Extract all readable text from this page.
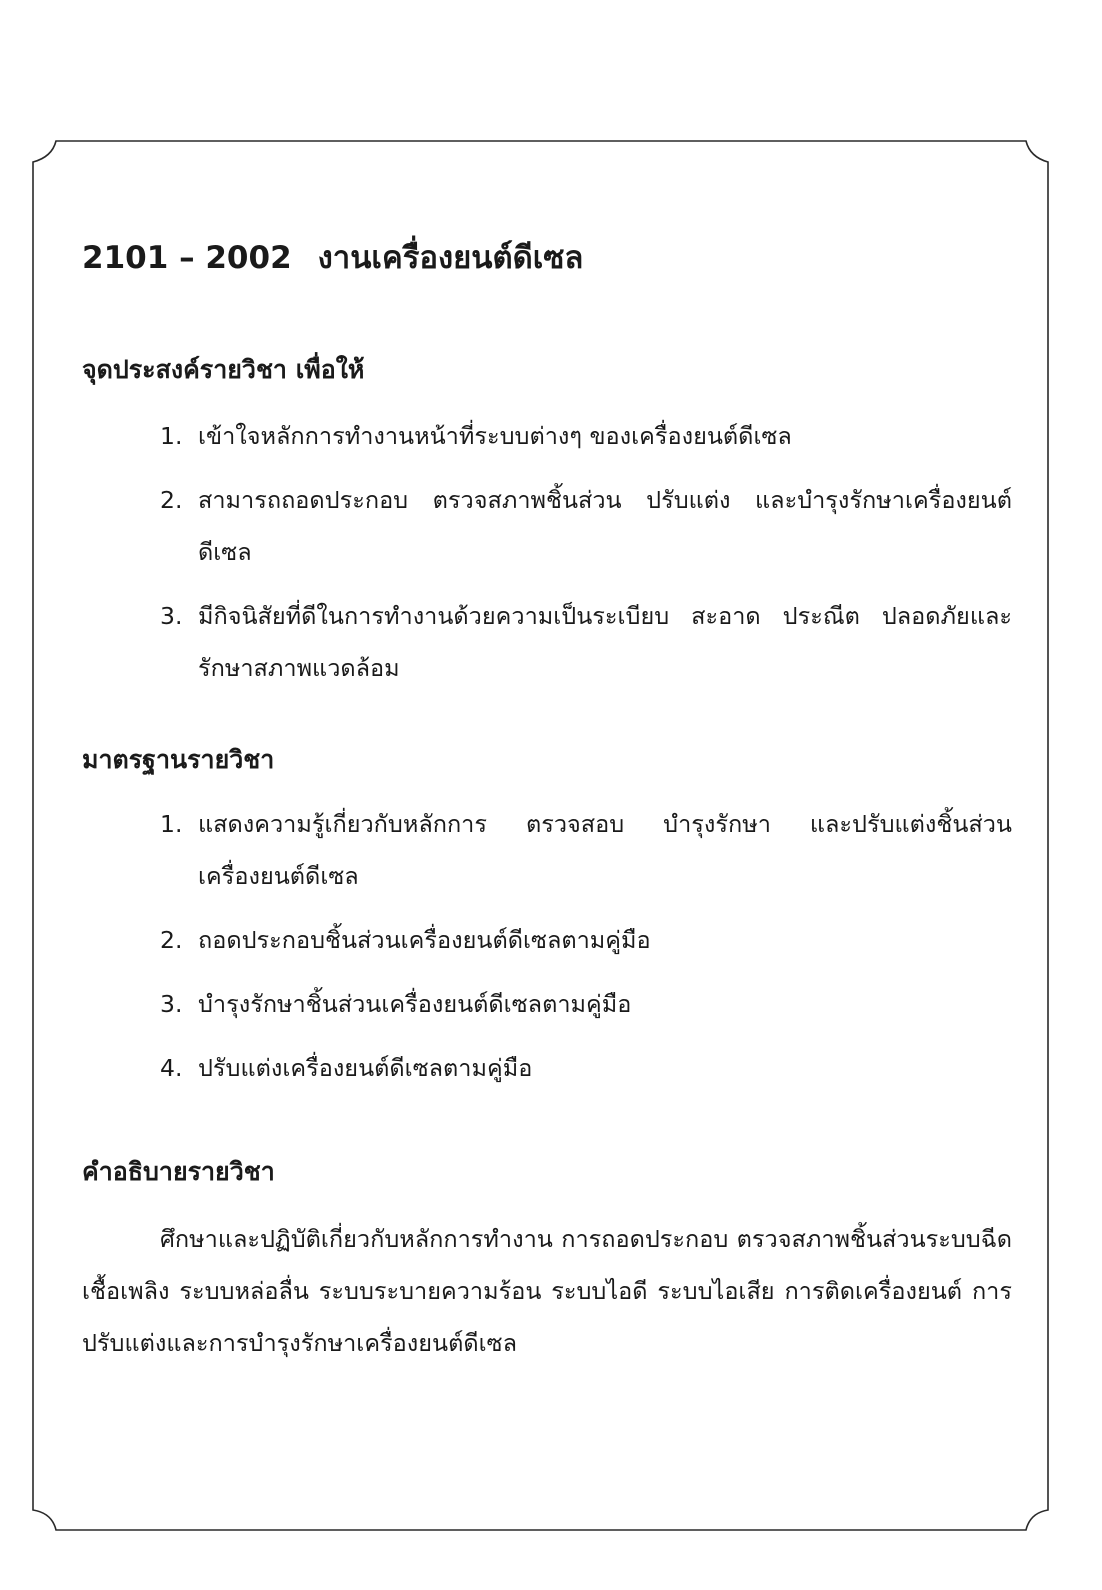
2101 – 2002 งานเครื่องยนต์ดีเซล
จุดประสงค์รายวิชา เพื่อให้
1. เข้าใจหลักการทำงานหน้าที่ระบบต่างๆ ของเครื่องยนต์ดีเซล
2. สามารถถอดประกอบ ตรวจสภาพชิ้นส่วน ปรับแต่ง และบำรุงรักษาเครื่องยนต์ดีเซล
3. มีกิจนิสัยที่ดีในการทำงานด้วยความเป็นระเบียบ สะอาด ประณีต ปลอดภัยและรักษาสภาพแวดล้อม
มาตรฐานรายวิชา
1. แสดงความรู้เกี่ยวกับหลักการ ตรวจสอบ บำรุงรักษา และปรับแต่งชิ้นส่วนเครื่องยนต์ดีเซล
2. ถอดประกอบชิ้นส่วนเครื่องยนต์ดีเซลตามคู่มือ
3. บำรุงรักษาชิ้นส่วนเครื่องยนต์ดีเซลตามคู่มือ
4. ปรับแต่งเครื่องยนต์ดีเซลตามคู่มือ
คำอธิบายรายวิชา

ศึกษาและปฏิบัติเกี่ยวกับหลักการทำงาน การถอดประกอบ ตรวจสภาพชิ้นส่วนระบบฉีดเชื้อเพลิง ระบบหล่อลื่น ระบบระบายความร้อน ระบบไอดี ระบบไอเสีย การติดเครื่องยนต์ การปรับแต่งและการบำรุงรักษาเครื่องยนต์ดีเซล
